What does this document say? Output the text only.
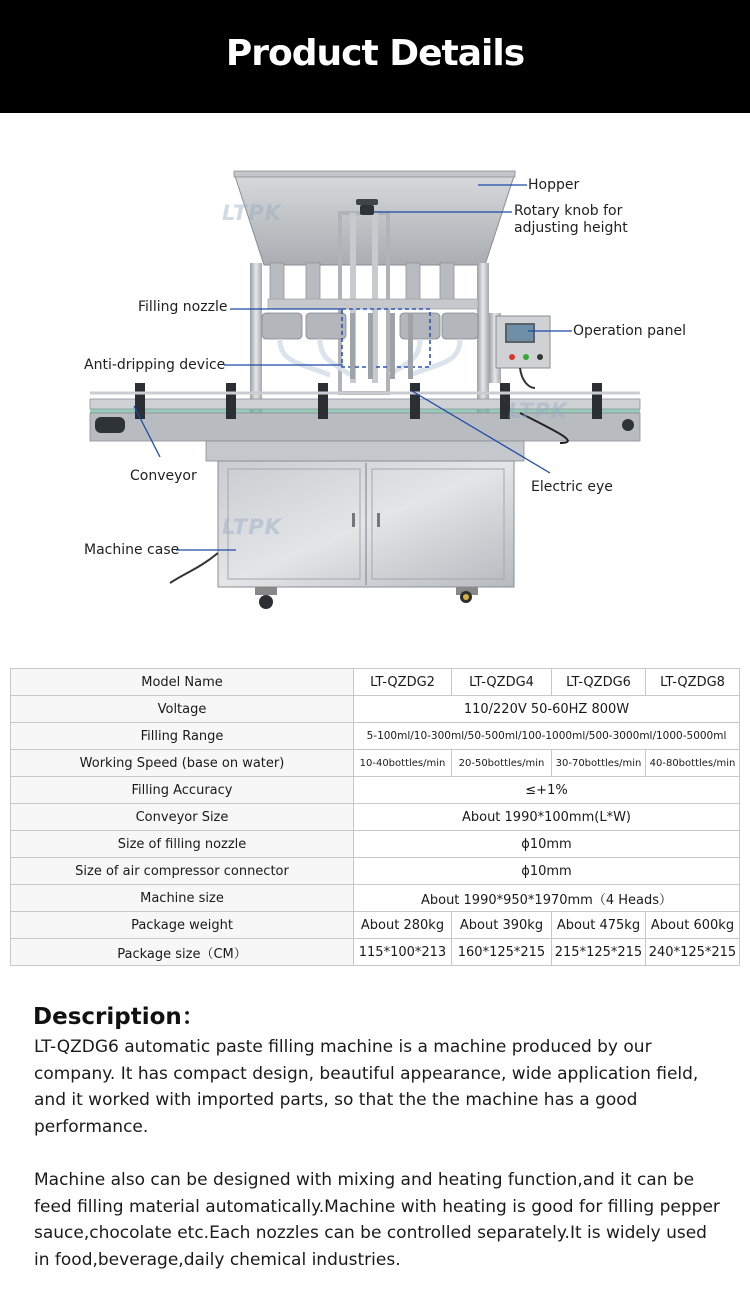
Product Details
LTPK
LTPK
LTPK
Hopper
Rotary knob for
adjusting height
Filling nozzle
Operation panel
Anti-dripping device
Conveyor
Electric eye
Machine case
Model Name	LT-QZDG2	LT-QZDG4	LT-QZDG6	LT-QZDG8
Voltage	110/220V 50-60HZ 800W			
Filling Range	5-100ml/10-300ml/50-500ml/100-1000ml/500-3000ml/1000-5000ml			
Working Speed (base on water)	10-40bottles/min	20-50bottles/min	30-70bottles/min	40-80bottles/min
Filling Accuracy	≤+1%			
Conveyor Size	About 1990*100mm(L*W)			
Size of filling nozzle	ϕ10mm			
Size of air compressor connector	ϕ10mm			
Machine size	About 1990*950*1970mm（4 Heads）			
Package weight	About 280kg	About 390kg	About 475kg	About 600kg
Package size（CM）	115*100*213	160*125*215	215*125*215	240*125*215
Description：

LT-QZDG6 automatic paste filling machine is a machine produced by our company. It has compact design, beautiful appearance, wide application field, and it worked with imported parts, so that the the machine has a good performance.

Machine also can be designed with mixing and heating function,and it can be feed filling material automatically.Machine with heating is good for filling pepper sauce,chocolate etc.Each nozzles can be controlled separately.It is widely used in food,beverage,daily chemical industries.
